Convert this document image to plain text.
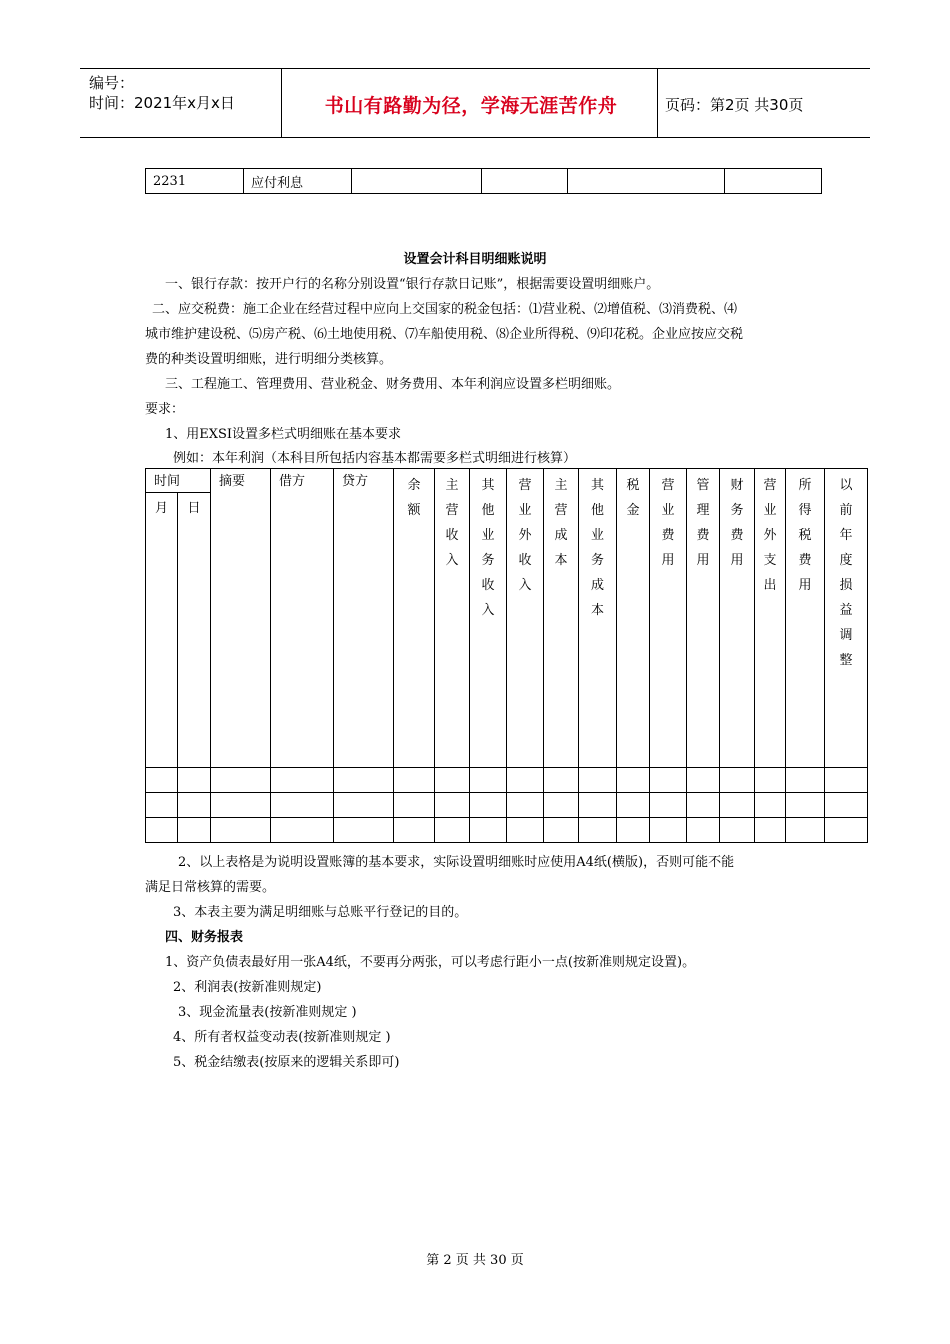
编号：
时间：2021年x月x日	书山有路勤为径，学海无涯苦作舟	页码：第2页 共30页
2231	应付利息				
设置会计科目明细账说明
一、银行存款：按开户行的名称分别设置“银行存款日记账”，根据需要设置明细账户。
二、应交税费：施工企业在经营过程中应向上交国家的税金包括：⑴营业税、⑵增值税、⑶消费税、⑷
城市维护建设税、⑸房产税、⑹土地使用税、⑺车船使用税、⑻企业所得税、⑼印花税。企业应按应交税
费的种类设置明细账，进行明细分类核算。
三、工程施工、管理费用、营业税金、财务费用、本年利润应设置多栏明细账。
要求：
1、用EXSI设置多栏式明细账在基本要求
例如：本年利润（本科目所包括内容基本都需要多栏式明细进行核算）
时间		摘要	借方	贷方	余额	主营收入	其他业务收入	营业外收入	主营成本	其他业务成本	税金	营业费用	管理费用	财务费用	营业外支出	所得税费用	以前年度损益调整

月	日																

2、以上表格是为说明设置账簿的基本要求，实际设置明细账时应使用A4纸(横版)，否则可能不能
满足日常核算的需要。
3、本表主要为满足明细账与总账平行登记的目的。
四、财务报表
1、资产负债表最好用一张A4纸，不要再分两张，可以考虑行距小一点(按新准则规定设置)。
2、利润表(按新准则规定)
3、现金流量表(按新准则规定 )
4、所有者权益变动表(按新准则规定 )
5、税金结缴表(按原来的逻辑关系即可)
第 2 页 共 30 页
